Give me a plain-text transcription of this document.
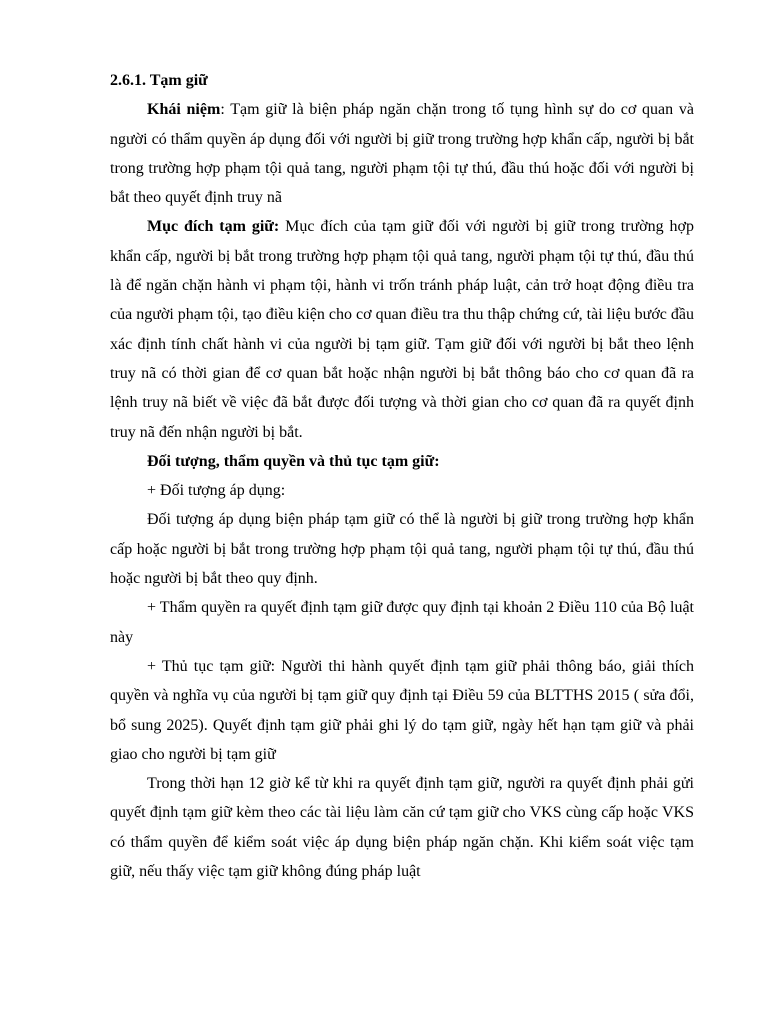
2.6.1. Tạm giữ

Khái niệm: Tạm giữ là biện pháp ngăn chặn trong tố tụng hình sự do cơ quan và người có thẩm quyền áp dụng đối với người bị giữ trong trường hợp khẩn cấp, người bị bắt trong trường hợp phạm tội quả tang, người phạm tội tự thú, đầu thú hoặc đối với người bị bắt theo quyết định truy nã

Mục đích tạm giữ: Mục đích của tạm giữ đối với người bị giữ trong trường hợp khẩn cấp, người bị bắt trong trường hợp phạm tội quả tang, người phạm tội tự thú, đầu thú là để ngăn chặn hành vi phạm tội, hành vi trốn tránh pháp luật, cản trở hoạt động điều tra của người phạm tội, tạo điều kiện cho cơ quan điều tra thu thập chứng cứ, tài liệu bước đầu xác định tính chất hành vi của người bị tạm giữ. Tạm giữ đối với người bị bắt theo lệnh truy nã có thời gian để cơ quan bắt hoặc nhận người bị bắt thông báo cho cơ quan đã ra lệnh truy nã biết về việc đã bắt được đối tượng và thời gian cho cơ quan đã ra quyết định truy nã đến nhận người bị bắt.

Đối tượng, thẩm quyền và thủ tục tạm giữ:

+ Đối tượng áp dụng:

Đối tượng áp dụng biện pháp tạm giữ có thể là người bị giữ trong trường hợp khẩn cấp hoặc người bị bắt trong trường hợp phạm tội quả tang, người phạm tội tự thú, đầu thú hoặc người bị bắt theo quy định.

+ Thẩm quyền ra quyết định tạm giữ được quy định tại khoản 2 Điều 110 của Bộ luật này

+ Thủ tục tạm giữ: Người thi hành quyết định tạm giữ phải thông báo, giải thích quyền và nghĩa vụ của người bị tạm giữ quy định tại Điều 59 của BLTTHS 2015 ( sửa đổi, bổ sung 2025). Quyết định tạm giữ phải ghi lý do tạm giữ, ngày hết hạn tạm giữ và phải giao cho người bị tạm giữ

Trong thời hạn 12 giờ kể từ khi ra quyết định tạm giữ, người ra quyết định phải gửi quyết định tạm giữ kèm theo các tài liệu làm căn cứ tạm giữ cho VKS cùng cấp hoặc VKS có thẩm quyền để kiểm soát việc áp dụng biện pháp ngăn chặn. Khi kiểm soát việc tạm giữ, nếu thấy việc tạm giữ không đúng pháp luật
